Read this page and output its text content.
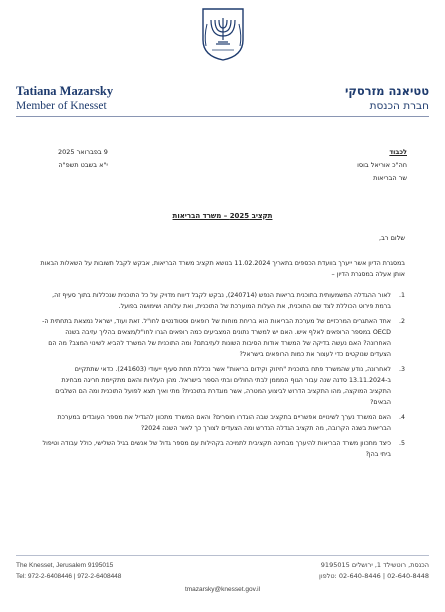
Tatiana Mazarsky
Member of Knesset
טטיאנה מזרסקי
חברת הכנסת
9 בפברואר 2025
י"א בשבט תשפ"ה
לכבוד
חה"כ אוריאל בוסו
שר הבריאות
תקציב 2025 – משרד הבריאות
שלום רב,
במסגרת הדיון אשר ייערך בוועדת הכספים בתאריך 11.02.2024 בנושא תקציב משרד הבריאות, אבקש לקבל תשובות על השאלות הבאות אותן אעלה במסגרת הדיון –
1.
לאור ההגדלה המשמעותית בתוכנית בריאות הנפש (240714), נבקש לקבל דיווח מדויק על כל התוכנית שנכללות בתוך סעיף זה, ברמת פירוט הכוללת לצד שם התוכנית, את העלות המוערכת של התוכנית, ואת עלותה ושימושה בפועל.
2.
אחד האתגרים המרכזיים של מערכת הבריאות הוא בריחת מוחות של רופאים וסטודנטים לחו"ל. זאת ועוד, ישראל נמצאת בתחתית ה-OECD במספר הרופאים לאלף איש. האם יש למשרד נתונים המצביעים כמה רופאים הגרו לחו"ל/מצאים בהליך עזיבה בשנה האחרונה? האם נעשה בדיקה של המשרד אודות הסיבות השונות לעזיבתם? ומה התוכנית של המשרד להביא לשינוי המצב? מה הם הצעדים שנוקטים כדי לעצור את כמות הרופאים בישראל?
3.
לאחרונה, נודע שהמשרד פתח בתוכנית "חיזוק וקידום בריאות" אשר נכללת תחת סעיף ייעודי (241603). כדאי שתתקיים ב-13.11.2024 סדנה שנה עבור הגוף המממן לבתי החולים ובתי הספר בישראל. מהן העלויות והאם מתקיימת חריגה מבחינת התקציב המוקצה, מהו התקציב הדרוש לביצוע המטרה, אשר מוגדרת בתוכנית? מתי ואיך תצא לפועל התוכנית ומה הם השלבים הבאים?
4.
האם המשרד נערך לשינויים אפשריים בתקציב שבה הוגדרו חוסרים? והאם המשרד מתכוון להגדיל את מספר העובדים במערכת הבריאות בשנה הקרובה, מה תקציב הגדלה הנדרש ומה הצעדים לצורך כך לאור השנה 2024?
5.
כיצד מתכוון משרד הבריאות להיערך מבחינה תקציבית לתמיכה בקהילות עם מספר גדול של אנשים בגיל השלישי, כולל עבודה וטיפול ביתי בהן?
The Knesset, Jerusalem 9195015
Tel: 972-2-6408446 | 972-2-6408448
הכנסת, רוטשילד 1, ירושלים 9195015
02-640-8448 | 02-640-8446 :טלפון
tmazarsky@knesset.gov.il
